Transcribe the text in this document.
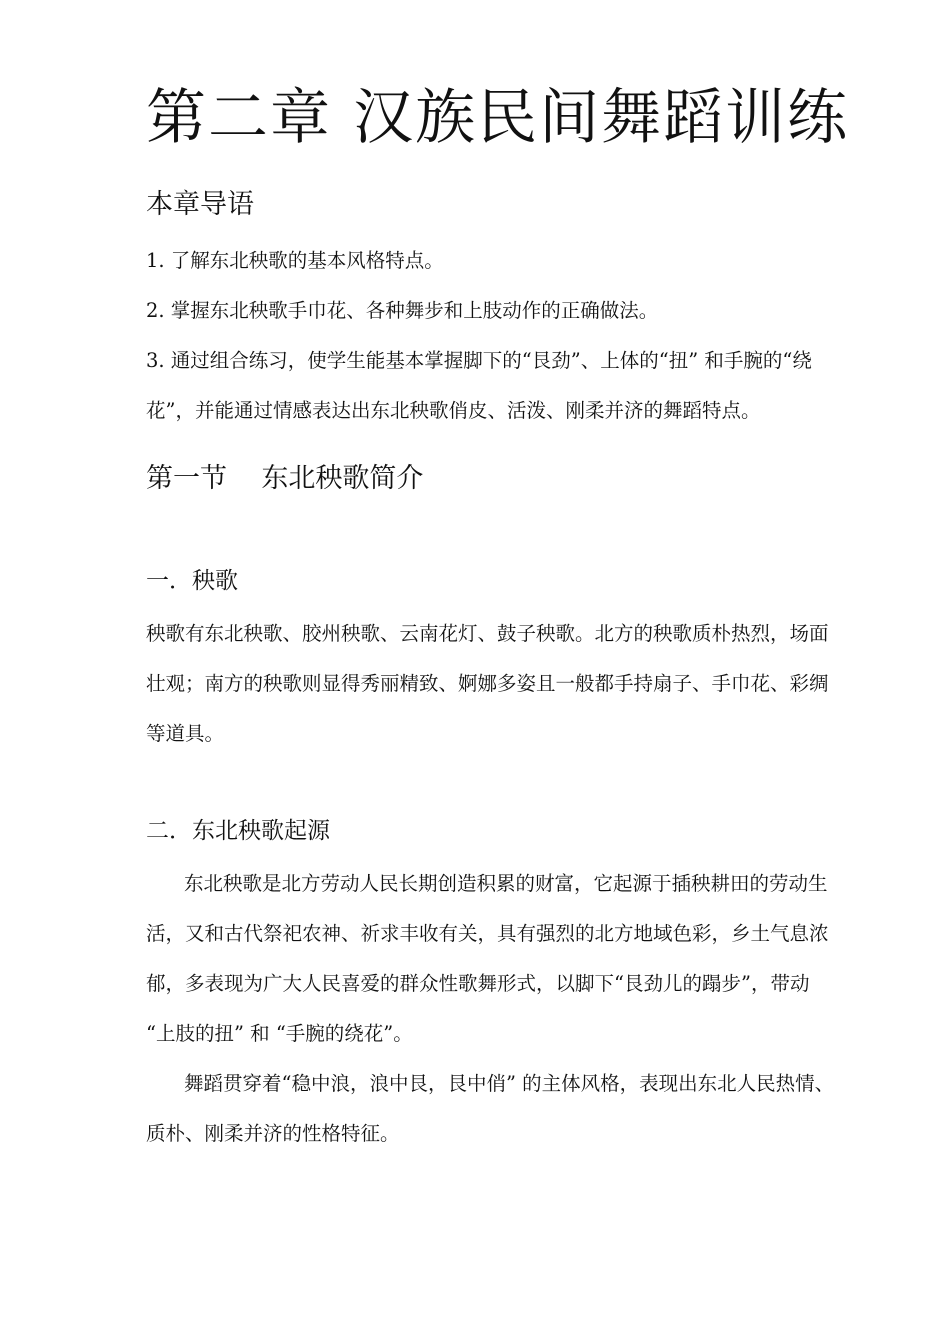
第二章 汉族民间舞蹈训练
本章导语

1. 了解东北秧歌的基本风格特点。

2. 掌握东北秧歌手巾花、各种舞步和上肢动作的正确做法。

3. 通过组合练习，使学生能基本掌握脚下的“艮劲”、上体的“扭” 和手腕的“绕

花”，并能通过情感表达出东北秧歌俏皮、活泼、刚柔并济的舞蹈特点。

第一节    东北秧歌简介
一．秧歌

秧歌有东北秧歌、胶州秧歌、云南花灯、鼓子秧歌。北方的秧歌质朴热烈，场面

壮观；南方的秧歌则显得秀丽精致、婀娜多姿且一般都手持扇子、手巾花、彩绸

等道具。

二．东北秧歌起源

东北秧歌是北方劳动人民长期创造积累的财富，它起源于插秧耕田的劳动生

活，又和古代祭祀农神、祈求丰收有关，具有强烈的北方地域色彩，乡土气息浓

郁，多表现为广大人民喜爱的群众性歌舞形式，以脚下“艮劲儿的蹋步”，带动

“上肢的扭” 和 “手腕的绕花”。

舞蹈贯穿着“稳中浪，浪中艮，艮中俏” 的主体风格，表现出东北人民热情、

质朴、刚柔并济的性格特征。
